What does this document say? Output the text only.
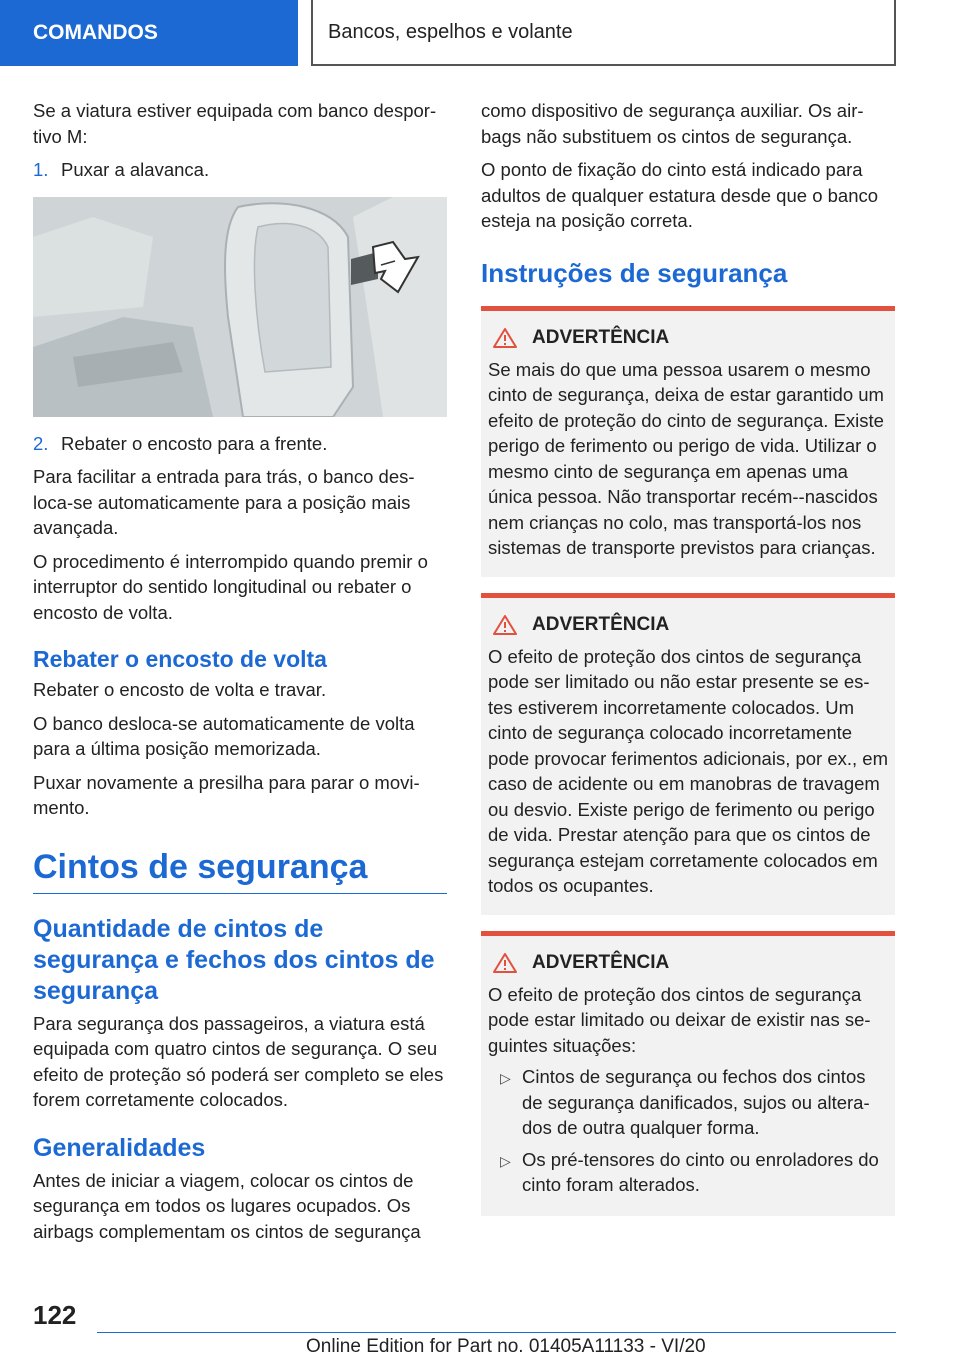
COMANDOS	Bancos, espelhos e volante

Se a viatura estiver equipada com banco desportivo M:

1. Puxar a alavanca.
2. Rebater o encosto para a frente.

Para facilitar a entrada para trás, o banco desloca-se automaticamente para a posição mais avançada.

O procedimento é interrompido quando premir o interruptor do sentido longitudinal ou rebater o encosto de volta.

Rebater o encosto de volta

Rebater o encosto de volta e travar.

O banco desloca-se automaticamente de volta para a última posição memorizada.

Puxar novamente a presilha para parar o movimento.

Cintos de segurança
Quantidade de cintos de segurança e fechos dos cintos de segurança

Para segurança dos passageiros, a viatura está equipada com quatro cintos de segurança. O seu efeito de proteção só poderá ser completo se eles forem corretamente colocados.

Generalidades

Antes de iniciar a viagem, colocar os cintos de segurança em todos os lugares ocupados. Os airbags complementam os cintos de segurança

como dispositivo de segurança auxiliar. Os airbags não substituem os cintos de segurança.

O ponto de fixação do cinto está indicado para adultos de qualquer estatura desde que o banco esteja na posição correta.

Instruções de segurança
ADVERTÊNCIA

Se mais do que uma pessoa usarem o mesmo cinto de segurança, deixa de estar garantido um efeito de proteção do cinto de segurança. Existe perigo de ferimento ou perigo de vida. Utilizar o mesmo cinto de segurança em apenas uma única pessoa. Não transportar recém--nascidos nem crianças no colo, mas transportá-los nos sistemas de transporte previstos para crianças.

ADVERTÊNCIA

O efeito de proteção dos cintos de segurança pode ser limitado ou não estar presente se estes estiverem incorretamente colocados. Um cinto de segurança colocado incorretamente pode provocar ferimentos adicionais, por ex., em caso de acidente ou em manobras de travagem ou desvio. Existe perigo de ferimento ou perigo de vida. Prestar atenção para que os cintos de segurança estejam corretamente colocados em todos os ocupantes.

ADVERTÊNCIA

O efeito de proteção dos cintos de segurança pode estar limitado ou deixar de existir nas seguintes situações:

▷ Cintos de segurança ou fechos dos cintos de segurança danificados, sujos ou alterados de outra qualquer forma.
▷ Os pré-tensores do cinto ou enroladores do cinto foram alterados.
122
Online Edition for Part no. 01405A11133 - VI/20
